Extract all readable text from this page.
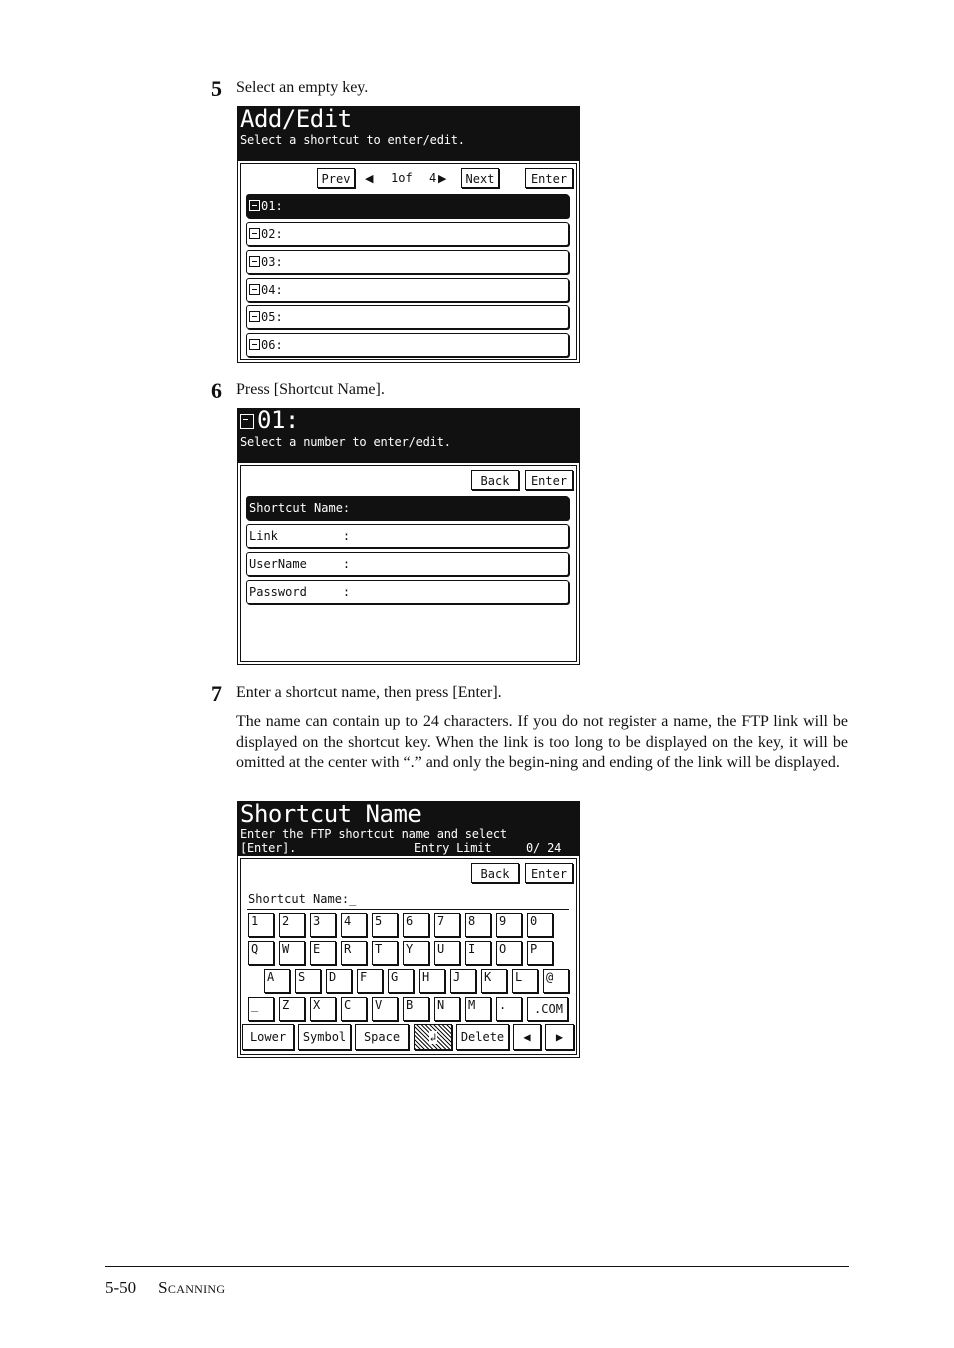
5 Select an empty key.
Add/Edit
Select a shortcut to enter/edit.
Prev	◀ 1of 4 ▶	Next	Enter
01:
02:
03:
04:
05:
06:
6 Press [Shortcut Name].
01:
Select a number to enter/edit.
Back	Enter
Shortcut Name:
Link         :
UserName     :
Password     :
7 Enter a shortcut name, then press [Enter].
The name can contain up to 24 characters. If you do not register a name, the FTP link will be displayed on the shortcut key. When the link is too long to be displayed on the key, it will be omitted at the center with “.” and only the begin-ning and ending of the link will be displayed.
Shortcut Name
Enter the FTP shortcut name and select
[Enter].	Entry Limit	0/ 24
Back	Enter
Shortcut Name:_
1	2	3	4	5	6	7	8	9	0
Q	W	E	R	T	Y	U	I	O	P
A	S	D	F	G	H	J	K	L	@
_	Z	X	C	V	B	N	M	.	.COM
Lower	Symbol	Space	↲	Delete	◀	▶
5-50 Scanning
